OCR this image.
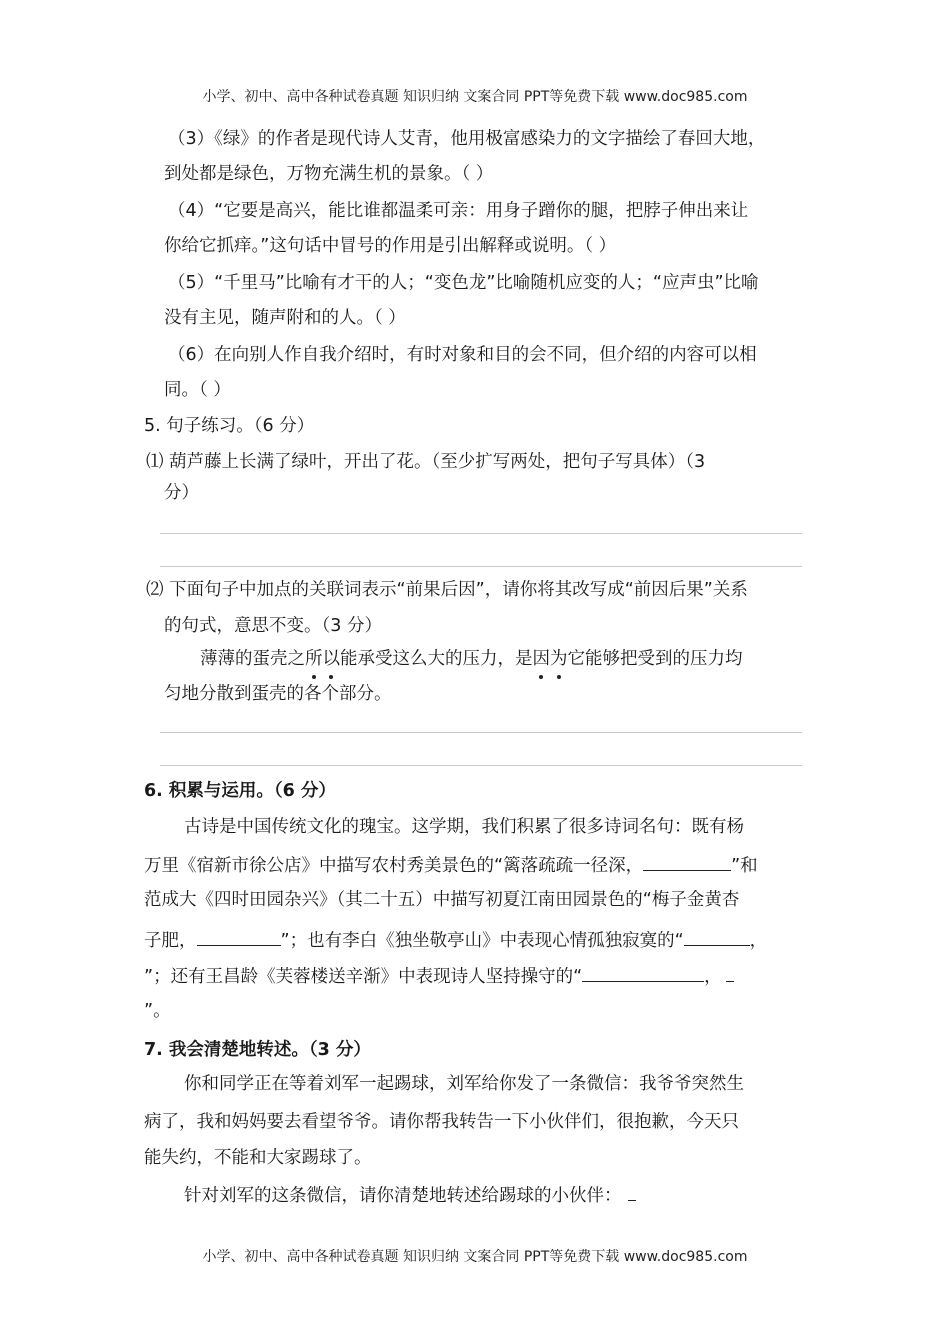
小学、初中、高中各种试卷真题 知识归纳 文案合同 PPT等免费下载 www.doc985.com
（3）《绿》的作者是现代诗人艾青，他用极富感染力的文字描绘了春回大地，
到处都是绿色，万物充满生机的景象。（ ）
（4）“它要是高兴，能比谁都温柔可亲：用身子蹭你的腿，把脖子伸出来让
你给它抓痒。”这句话中冒号的作用是引出解释或说明。（ ）
（5）“千里马”比喻有才干的人；“变色龙”比喻随机应变的人；“应声虫”比喻
没有主见，随声附和的人。（ ）
（6）在向别人作自我介绍时，有时对象和目的会不同，但介绍的内容可以相
同。（ ）
5. 句子练习。（6 分）
⑴ 葫芦藤上长满了绿叶，开出了花。（至少扩写两处，把句子写具体）（3
分）
⑵ 下面句子中加点的关联词表示“前果后因”，请你将其改写成“前因后果”关系
的句式，意思不变。（3 分）
薄薄的蛋壳之所以能承受这么大的压力，是因为它能够把受到的压力均
匀地分散到蛋壳的各个部分。
6. 积累与运用。（6 分）
古诗是中国传统文化的瑰宝。这学期，我们积累了很多诗词名句：既有杨
万里《宿新市徐公店》中描写农村秀美景色的“篱落疏疏一径深，	”和
范成大《四时田园杂兴》（其二十五）中描写初夏江南田园景色的“梅子金黄杏
子肥，	”；也有李白《独坐敬亭山》中表现心情孤独寂寞的“	，
”；还有王昌龄《芙蓉楼送辛渐》中表现诗人坚持操守的“	，
”。
7. 我会清楚地转述。（3 分）
你和同学正在等着刘军一起踢球，刘军给你发了一条微信：我爷爷突然生
病了，我和妈妈要去看望爷爷。请你帮我转告一下小伙伴们，很抱歉，今天只
能失约，不能和大家踢球了。
针对刘军的这条微信，请你清楚地转述给踢球的小伙伴：
小学、初中、高中各种试卷真题 知识归纳 文案合同 PPT等免费下载 www.doc985.com
